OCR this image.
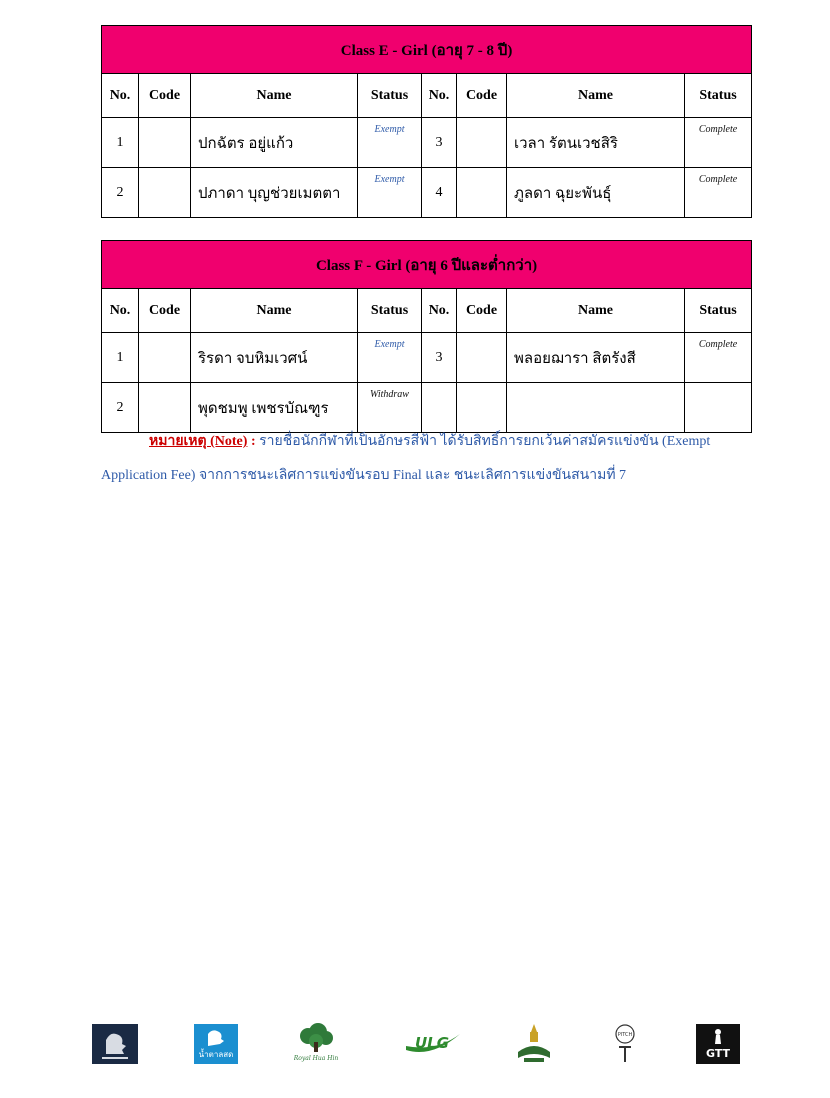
Class E - Girl (อายุ 7 - 8 ปี)							
No.	Code	Name	Status	No.	Code	Name	Status
1		ปกฉัตร อยู่แก้ว	Exempt	3		เวลา รัตนเวชสิริ	Complete
2		ปภาดา บุญช่วยเมตตา	Exempt	4		ภูลดา ฉุยะพันธุ์	Complete
Class F - Girl (อายุ 6 ปีและต่ำกว่า)							
No.	Code	Name	Status	No.	Code	Name	Status
1		ริรดา จบหิมเวศน์	Exempt	3		พลอยฌารา สิตรังสี	Complete
2		พุดชมพู เพชรบัณฑูร	Withdraw				
หมายเหตุ (Note) : รายชื่อนักกีฬาที่เป็นอักษรสีฟ้า ได้รับสิทธิ์การยกเว้นค่าสมัครแข่งขัน (Exempt
Application Fee) จากการชนะเลิศการแข่งขันรอบ Final และ ชนะเลิศการแข่งขันสนามที่ 7
น้ำตาลสด	Royal Hua Hin
ULG	PITCH
GTT
